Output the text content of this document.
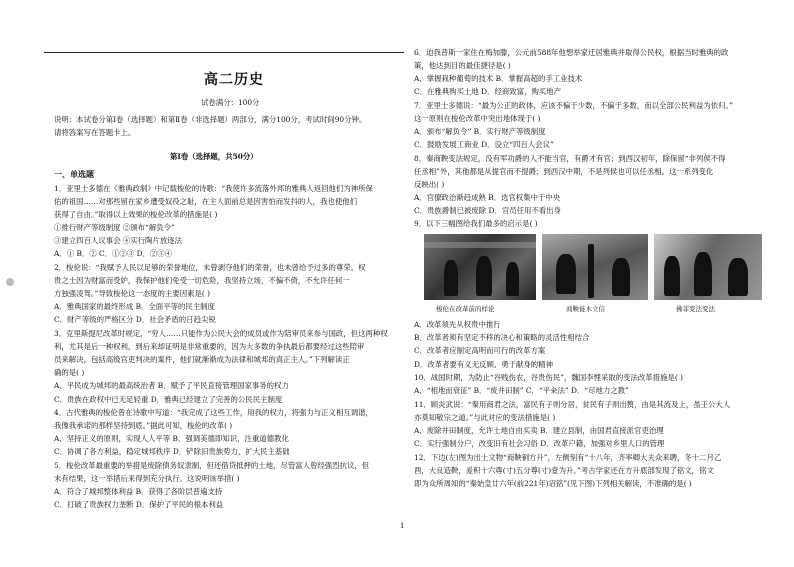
高二历史
试卷满分：100分
说明：本试卷分第Ⅰ卷（选择题）和第Ⅱ卷（非选择题）两部分，满分100分，考试时间90分钟。
请将答案写在答题卡上。
第Ⅰ卷（选择题，共50分）
一、单选题
1．亚里士多德在《雅典政制》中记载梭伦的诗歌：“我使许多流落外邦的雅典人返回他们为神所保
佑的祖国……对那些留在家乡遭受奴役之耻，在主人面前总是因害怕而发抖的人，我也使他们
获得了自由。”取得以上效果的梭伦改革的措施是( )
①推行财产等级制度 ②颁布“解负令”
③建立四百人议事会 ④实行陶片放逐法
A．① B．② C．①②③ D．②③④
2．梭伦说：“我赋予人民以足够的荣誉地位，未曾剥夺他们的荣誉，也未曾给予过多的尊荣。权
贵之士因为财富而受妒，我保护他们免受一切危险，我坚持立场，不偏不倚，不允许任何一
方独强凌驾。”导致梭伦这一态度的主要因素是( )
A．雅典国家的最终形成 B．全面平等的民主制度
C．财产等级的严格区分 D．社会矛盾的日趋尖锐
3．克里斯提尼改革时规定，“穷人……只能作为公民大会的成员或作为陪审员来参与国政，但这两种权
利，尤其是后一种权利，到后来却证明是非常重要的，因为大多数的争执最后都要经过这些陪审
员来解决，包括高级官吏判决的案件，他们就渐渐成为法律和城邦的真正主人。”下列解读正
确的是( )
A．平民成为城邦的最高统治者 B．赋予了平民直接管理国家事务的权力
C．贵族在政权中已无足轻重 D．雅典已经建立了完善的公民民主制度
4．古代雅典的梭伦曾在诗歌中写道：“我完成了这些工作，用我的权力，将强力与正义相互调谐，
我像我承诺的那样坚持到底。”据此可知，梭伦的改革( )
A．坚持正义的原则，实现人人平等 B．强调美德即知识，注重道德教化
C．协调了各方利益，稳定城邦秩序 D．铲除旧贵族势力，扩大民主基础
5．梭伦改革最重要的举措是废除债务奴隶制，但还借贷抵押的土地，尽管富人曾经强烈抗议，但
末有结果，这一举措后来得到充分执行。这说明该举措( )
A．符合了城邦整体利益 B．获得了各阶层普遍支持
C．打破了贵族权力垄断 D．保护了平民的根本利益
6．迫我普斯一家住在梅加滕，公元前588年他想举家迁居雅典并取得公民权，根据当时雅典的政
策，他达到目的最佳捷径是( )
A．掌握栽种葡萄的技术 B．掌握高超的手工业技术
C．在雅典购买土地 D．经商致富，购买地产
7．亚里士多德说：“最为公正的政体，应该不偏于少数，不偏于多数，而以全部公民利益为依归。”
这一原则在梭伦改革中突出地体现于( )
A．颁布“解负令” B．实行财产等级制度
C．鼓励发展工商业 D．设立“四百人会议”
8．秦商鞅变法规定，没有军功爵的人不能当官，有爵才有官；到西汉初年，除保留“非列侯不得
任丞相”外，其他都是从提官而不提爵；到西汉中期，不是列侯也可以任丞相。这一系列变化
反映出( )
A．官僚政治渐趋成熟 B．选官权集中于中央
C．贵族爵制已被废除 D．官员任用不看出身
9．以下三幅图给我们最多的启示是( )
梭伦在改革前的样论	商鞅徙木立信	拂菲变法变法
A．改革须先从权贵中推行
B．改革者须有坚定不移的决心和策略的灵活性相结合
C．改革者应制定高明而可行的改革方案
D．改革者要有义无反顾、勇于献身的精神
10．战国时期，为防止“谷贱伤农，谷贵伤民”，魏国李悝采取的变法改革措施是( )
A．“相地而衰征” B．“废井田制” C．“平籴法” D．“尽地力之教”
11．顾炎武说：“秦用商君之法，富民有子则分居，贫民有子则出赘，由是其流及上，虽王公大人
亦莫知敬宗之道。”与此对应的变法措施是( )
A．废除井田制度，允许土地自由买卖 B．建立县制，由国君直接派官吏治理
C．实行强制分户，改变旧有社会习俗 D．改革户籍，加强对乡里人口的管理
12．下边(左)图为出土文物“商鞅铜方升”，左侧刻有“十八年，齐率卿大夫众来聘，冬十二月乙
酉，大良造鞅，爰积十六尊(寸)五分尊(寸)壹为升。”考古学家还在方升底部发现了铭文，铭文
即为众所周知的“秦始皇廿六年(前221年)诏铭”(见下图)下列相关解读，不准确的是( )
1
